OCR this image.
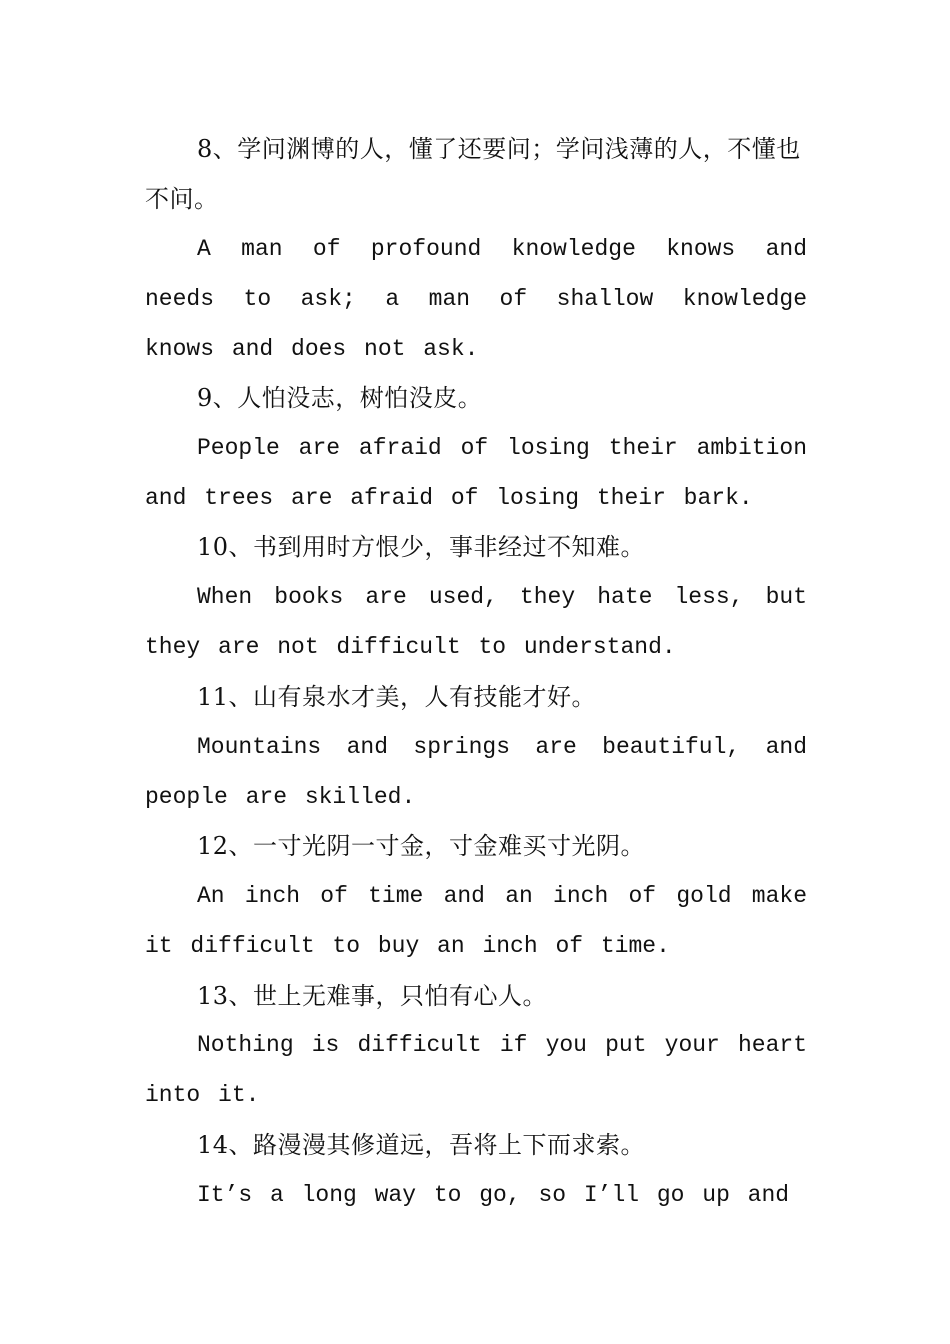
8、学问渊博的人，懂了还要问；学问浅薄的人，不懂也不问。

A man of profound knowledge knows and needs to ask; a man of shallow knowledge knows and does not ask.

9、人怕没志，树怕没皮。

People are afraid of losing their ambition and trees are afraid of losing their bark.

10、书到用时方恨少，事非经过不知难。

When books are used, they hate less, but they are not difficult to understand.

11、山有泉水才美，人有技能才好。

Mountains and springs are beautiful, and people are skilled.

12、一寸光阴一寸金，寸金难买寸光阴。

An inch of time and an inch of gold make it difficult to buy an inch of time.

13、世上无难事，只怕有心人。

Nothing is difficult if you put your heart into it.

14、路漫漫其修道远，吾将上下而求索。

It’s a long way to go, so I’ll go up and
